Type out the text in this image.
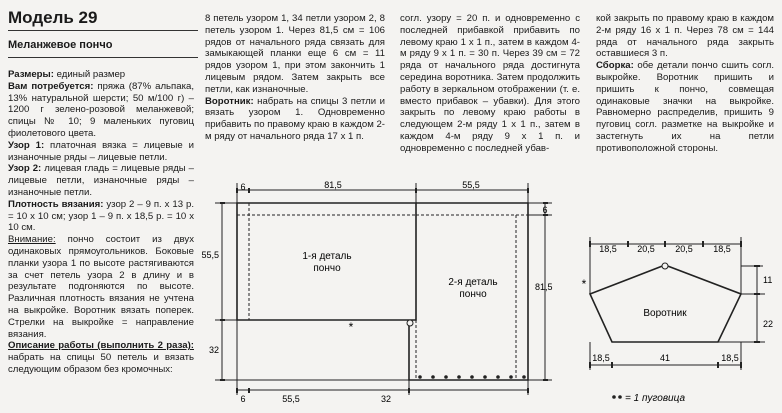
Модель 29
Меланжевое пончо

Размеры: единый размер

Вам потребуется: пряжа (87% альпака, 13% натуральной шерсти; 50 м/100 г) – 1200 г зелено-розовой меланжевой; спицы № 10; 9 маленьких пуговиц фиолетового цвета.

Узор 1: платочная вязка = лицевые и изнаночные ряды – лицевые петли.

Узор 2: лицевая гладь = лицевые ряды – лицевые петли, изнаночные ряды – изнаночные петли.

Плотность вязания: узор 2 – 9 п. х 13 р. = 10 х 10 см; узор 1 – 9 п. х 18,5 р. = 10 х 10 см.

Внимание: пончо состоит из двух одинаковых прямоугольников. Боковые планки узора 1 по высоте растягиваются за счет петель узора 2 в длину и в результате подгоняются по высоте. Различная плотность вязания не учтена на выкройке. Воротник вязать поперек. Стрелки на выкройке = направление вязания.

Описание работы (выполнить 2 раза): набрать на спицы 50 петель и вязать следующим образом без кромочных:

8 петель узором 1, 34 петли узором 2, 8 петель узором 1. Через 81,5 см = 106 рядов от начального ряда связать для замыкающей планки еще 6 см = 11 рядов узором 1, при этом закончить 1 лицевым рядом. Затем закрыть все петли, как изнаночные.

Воротник: набрать на спицы 3 петли и вязать узором 1. Одновременно прибавить по правому краю в каждом 2-м ряду от начального ряда 17 х 1 п.

согл. узору = 20 п. и одновременно с последней прибавкой прибавить по левому краю 1 х 1 п., затем в каждом 4-м ряду 9 х 1 п. = 30 п. Через 39 см = 72 ряда от начального ряда достигнута середина воротника. Затем продолжить работу в зеркальном отображении (т. е. вместо прибавок – убавки). Для этого закрыть по левому краю работы в следующем 2-м ряду 1 х 1 п., затем в каждом 4-м ряду 9 х 1 п. и одновременно с последней убав-

кой закрыть по правому краю в каждом 2-м ряду 16 х 1 п. Через 78 см = 144 ряда от начального ряда закрыть оставшиеся 3 п.

Сборка: обе детали пончо сшить согл. выкройке. Воротник пришить и пришить к пончо, совмещая одинаковые значки на выкройке. Равномерно распределив, пришить 9 пуговиц согл. разметке на выкройке и застегнуть их на петли противоположной стороны.

*
1-я деталь
пончо
2-я деталь
пончо
6	81,5	55,5
6
55,5
81,5
32
6	55,5	32
*
Воротник
18,5 20,5 20,5 18,5
11
22
18,5	41	18,5
= 1 пуговица
